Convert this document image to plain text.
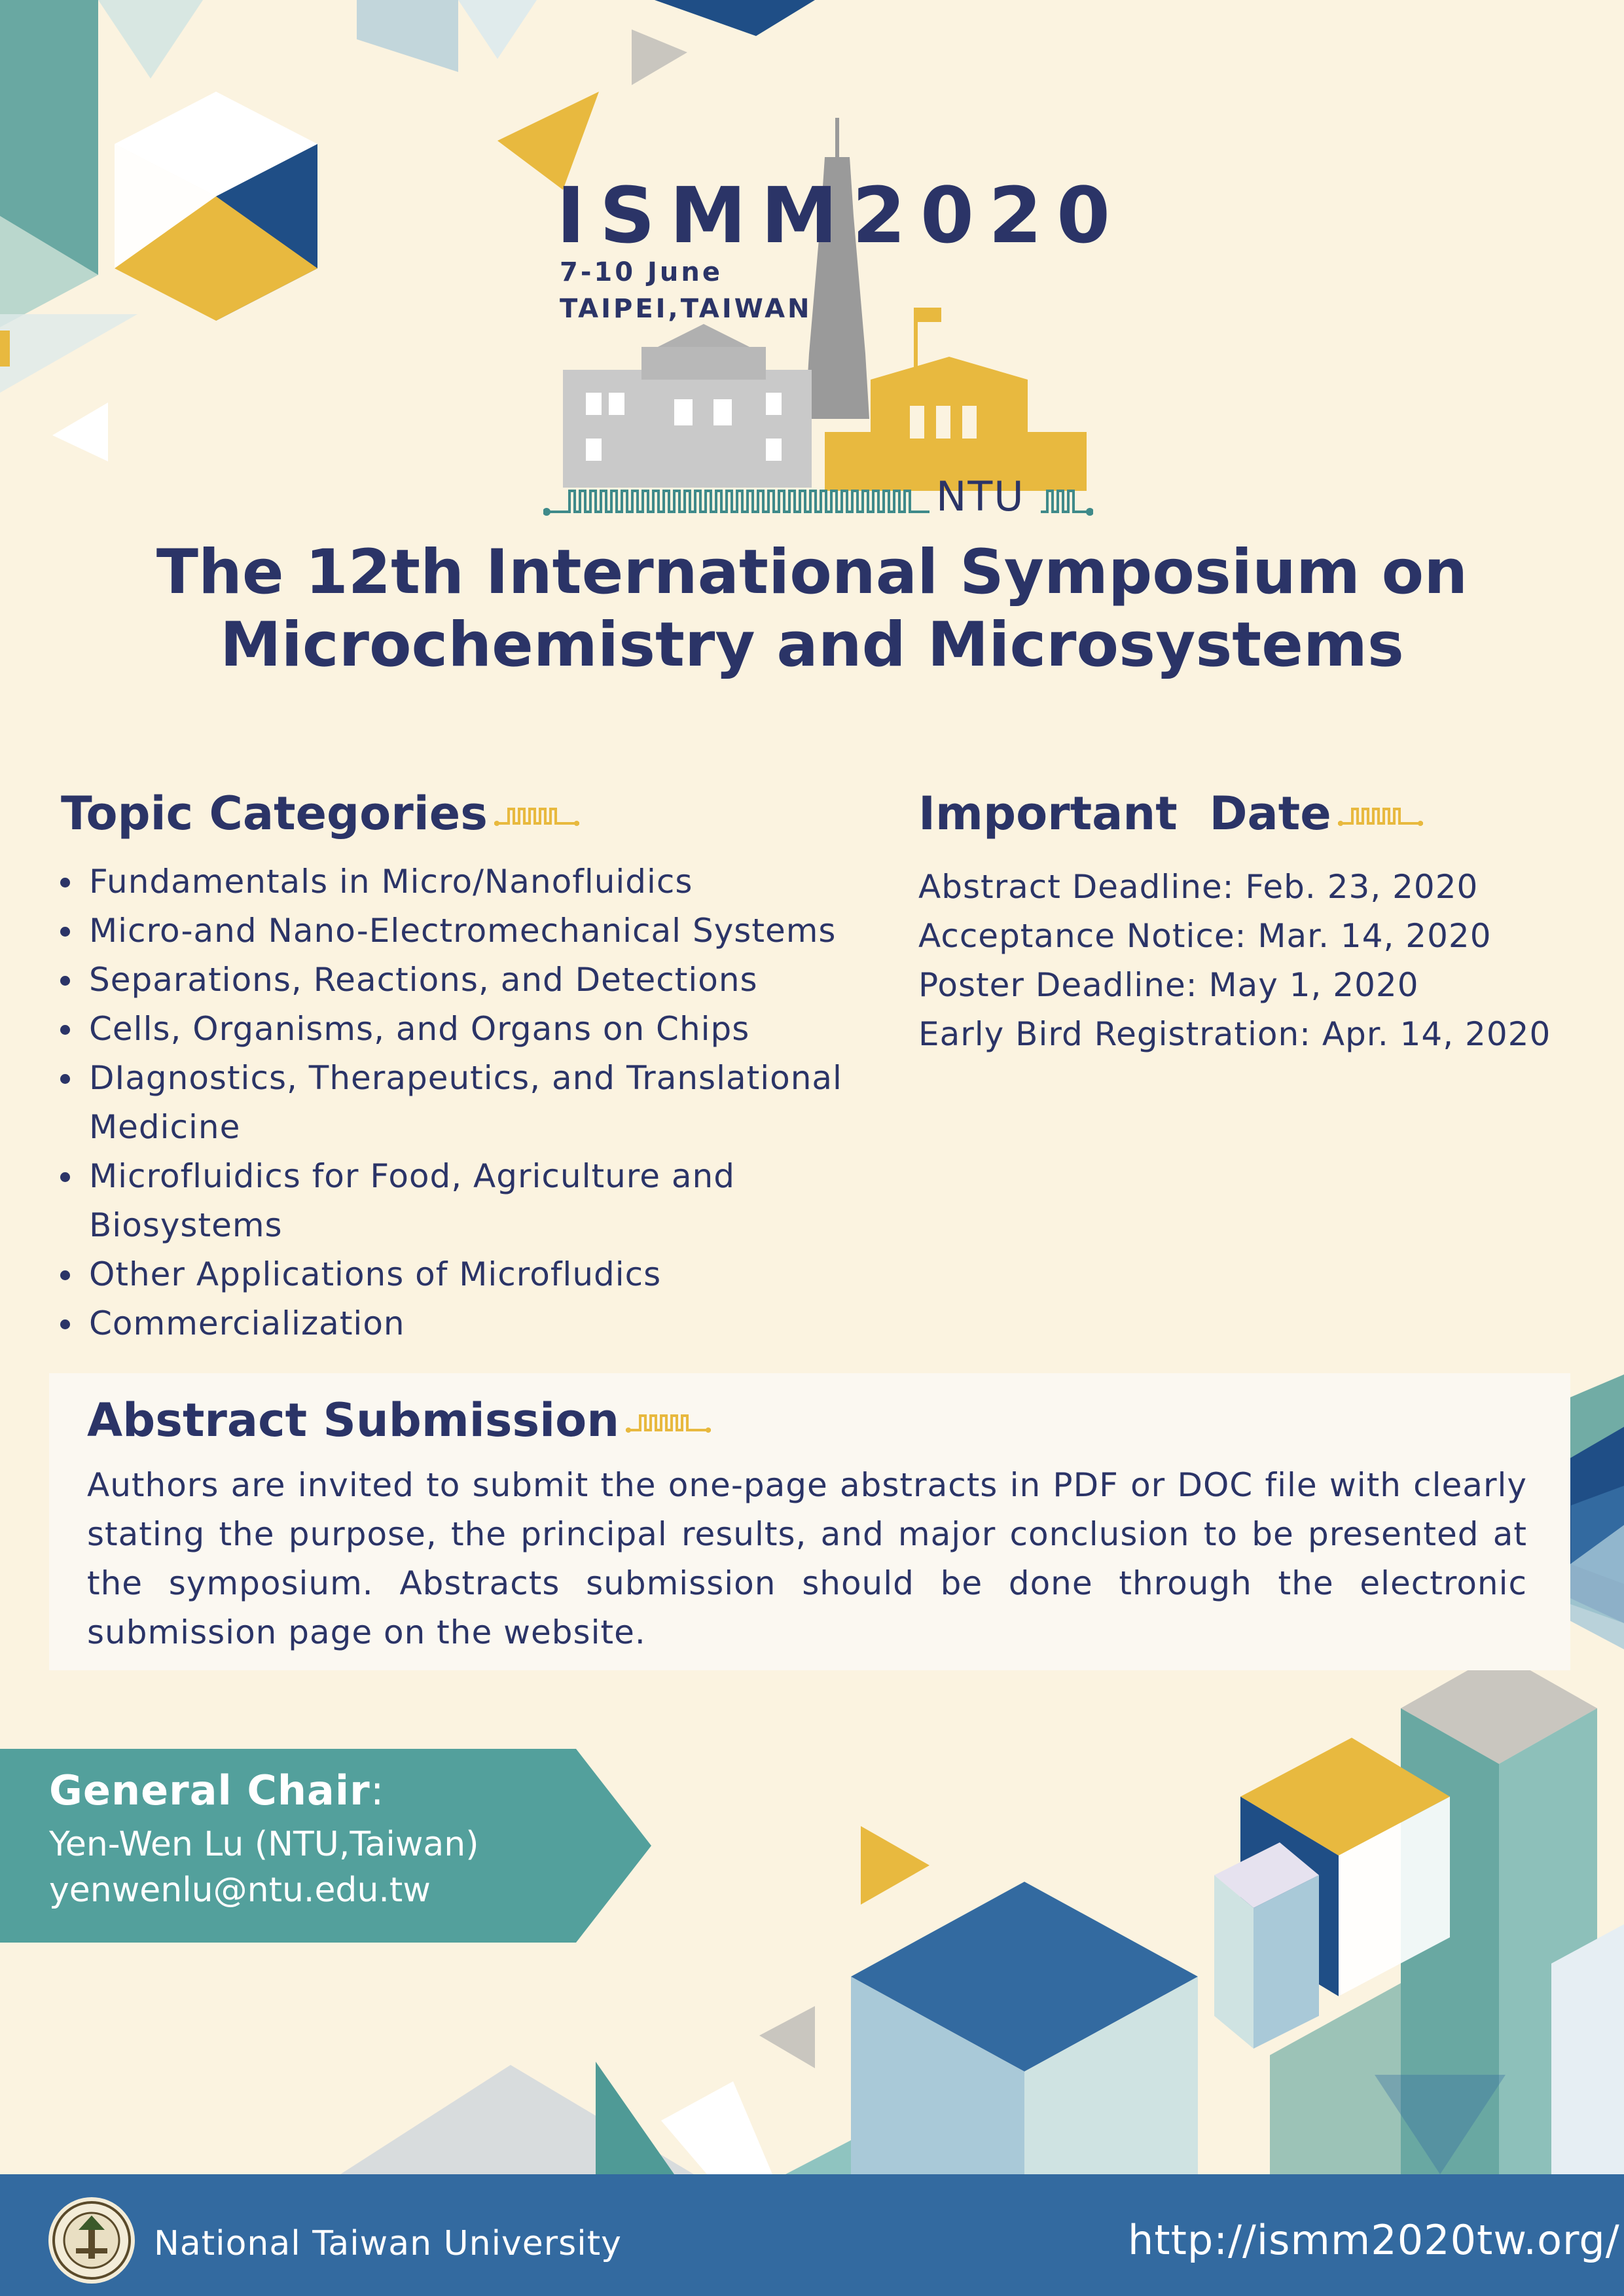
ISMM2020
7-10 June
TAIPEI,TAIWAN
NTU
The 12th International Symposium on
Microchemistry and Microsystems
Topic Categories
Fundamentals in Micro/Nanofluidics
Micro-and Nano-Electromechanical Systems
Separations, Reactions, and Detections
Cells, Organisms, and Organs on Chips
DIagnostics, Therapeutics, and Translational Medicine
Microfluidics for Food, Agriculture and Biosystems
Other Applications of Microfludics
Commercialization
Important  Date
Abstract Deadline: Feb. 23, 2020
Acceptance Notice: Mar. 14, 2020
Poster Deadline: May 1, 2020
Early Bird Registration: Apr. 14, 2020
Abstract Submission
Authors are invited to submit the one-page abstracts in PDF or DOC file with clearly stating the purpose, the principal results, and major conclusion to be presented at the symposium. Abstracts submission should be done through the electronic submission page on the website.
General Chair:
Yen-Wen Lu (NTU,Taiwan)
yenwenlu@ntu.edu.tw
National Taiwan University	http://ismm2020tw.org/
